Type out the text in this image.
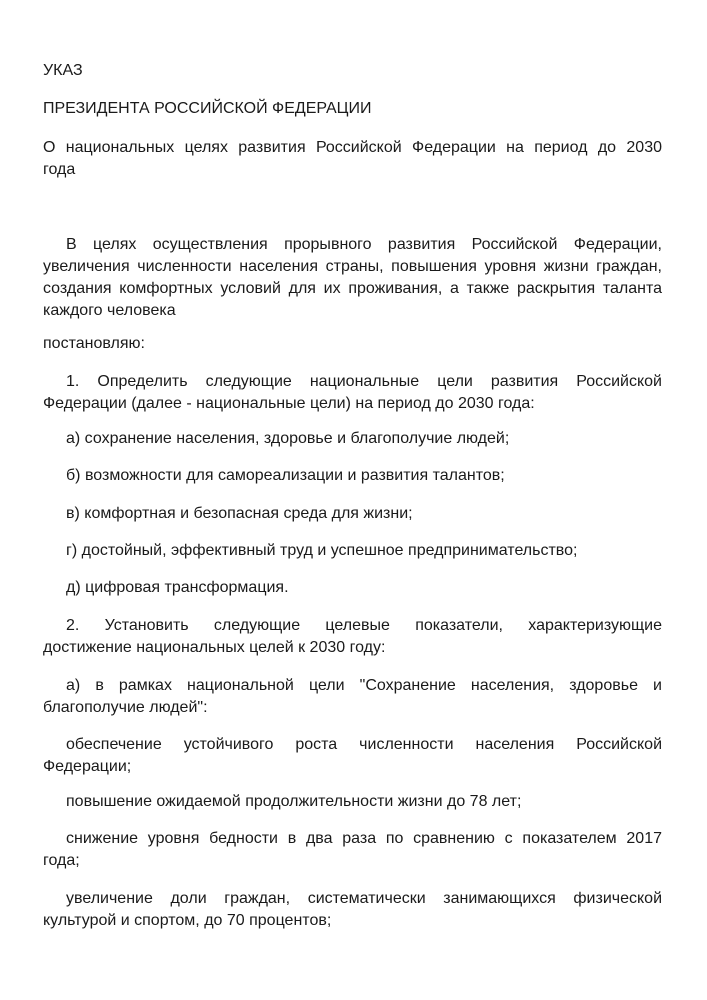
УКАЗ

ПРЕЗИДЕНТА РОССИЙСКОЙ ФЕДЕРАЦИИ

О национальных целях развития Российской Федерации на период до 2030

года

В целях осуществления прорывного развития Российской Федерации,

увеличения численности населения страны, повышения уровня жизни граждан,

создания комфортных условий для их проживания, а также раскрытия таланта

каждого человека

постановляю:

1. Определить следующие национальные цели развития Российской

Федерации (далее - национальные цели) на период до 2030 года:

а) сохранение населения, здоровье и благополучие людей;

б) возможности для самореализации и развития талантов;

в) комфортная и безопасная среда для жизни;

г) достойный, эффективный труд и успешное предпринимательство;

д) цифровая трансформация.

2. Установить следующие целевые показатели, характеризующие

достижение национальных целей к 2030 году:

а) в рамках национальной цели "Сохранение населения, здоровье и

благополучие людей":

обеспечение устойчивого роста численности населения Российской

Федерации;

повышение ожидаемой продолжительности жизни до 78 лет;

снижение уровня бедности в два раза по сравнению с показателем 2017

года;

увеличение доли граждан, систематически занимающихся физической

культурой и спортом, до 70 процентов;
